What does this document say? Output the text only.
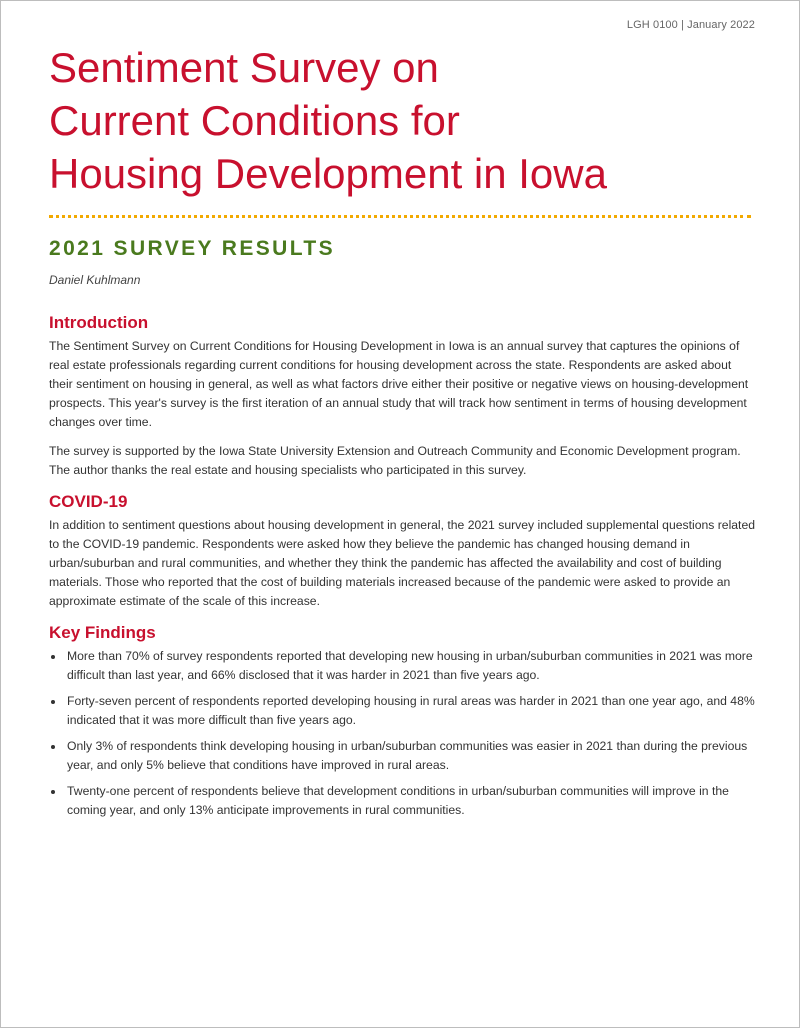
LGH 0100 | January 2022
Sentiment Survey on
Current Conditions for
Housing Development in Iowa
2021 SURVEY RESULTS
Daniel Kuhlmann
Introduction

The Sentiment Survey on Current Conditions for Housing Development in Iowa is an annual survey that captures the opinions of real estate professionals regarding current conditions for housing development across the state. Respondents are asked about their sentiment on housing in general, as well as what factors drive either their positive or negative views on housing-development prospects. This year's survey is the first iteration of an annual study that will track how sentiment in terms of housing development changes over time.

The survey is supported by the Iowa State University Extension and Outreach Community and Economic Development program. The author thanks the real estate and housing specialists who participated in this survey.

COVID-19

In addition to sentiment questions about housing development in general, the 2021 survey included supplemental questions related to the COVID-19 pandemic. Respondents were asked how they believe the pandemic has changed housing demand in urban/suburban and rural communities, and whether they think the pandemic has affected the availability and cost of building materials. Those who reported that the cost of building materials increased because of the pandemic were asked to provide an approximate estimate of the scale of this increase.

Key Findings
• More than 70% of survey respondents reported that developing new housing in urban/suburban communities in 2021 was more difficult than last year, and 66% disclosed that it was harder in 2021 than five years ago.
• Forty-seven percent of respondents reported developing housing in rural areas was harder in 2021 than one year ago, and 48% indicated that it was more difficult than five years ago.
• Only 3% of respondents think developing housing in urban/suburban communities was easier in 2021 than during the previous year, and only 5% believe that conditions have improved in rural areas.
• Twenty-one percent of respondents believe that development conditions in urban/suburban communities will improve in the coming year, and only 13% anticipate improvements in rural communities.
